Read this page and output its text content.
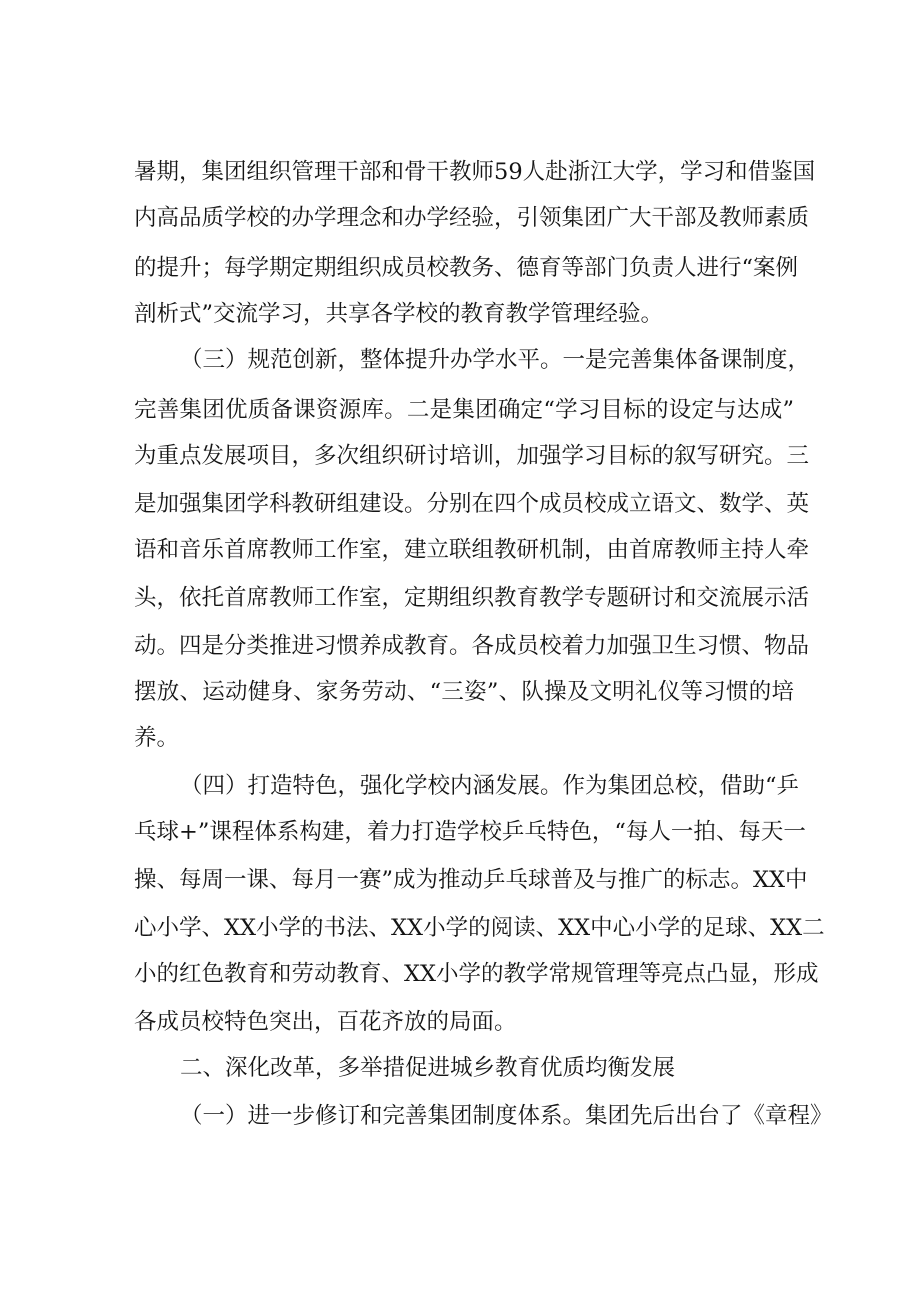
暑期，集团组织管理干部和骨干教师59人赴浙江大学，学习和借鉴国
内高品质学校的办学理念和办学经验，引领集团广大干部及教师素质
的提升；每学期定期组织成员校教务、德育等部门负责人进行“案例
剖析式”交流学习，共享各学校的教育教学管理经验。
（三）规范创新，整体提升办学水平。一是完善集体备课制度，
完善集团优质备课资源库。二是集团确定“学习目标的设定与达成”
为重点发展项目，多次组织研讨培训，加强学习目标的叙写研究。三
是加强集团学科教研组建设。分别在四个成员校成立语文、数学、英
语和音乐首席教师工作室，建立联组教研机制，由首席教师主持人牵
头，依托首席教师工作室，定期组织教育教学专题研讨和交流展示活
动。四是分类推进习惯养成教育。各成员校着力加强卫生习惯、物品
摆放、运动健身、家务劳动、“三姿”、队操及文明礼仪等习惯的培
养。
（四）打造特色，强化学校内涵发展。作为集团总校，借助“乒
乓球+”课程体系构建，着力打造学校乒乓特色，“每人一拍、每天一
操、每周一课、每月一赛”成为推动乒乓球普及与推广的标志。XX中
心小学、XX小学的书法、XX小学的阅读、XX中心小学的足球、XX二
小的红色教育和劳动教育、XX小学的教学常规管理等亮点凸显，形成
各成员校特色突出，百花齐放的局面。
二、深化改革，多举措促进城乡教育优质均衡发展
（一）进一步修订和完善集团制度体系。集团先后出台了《章程》
